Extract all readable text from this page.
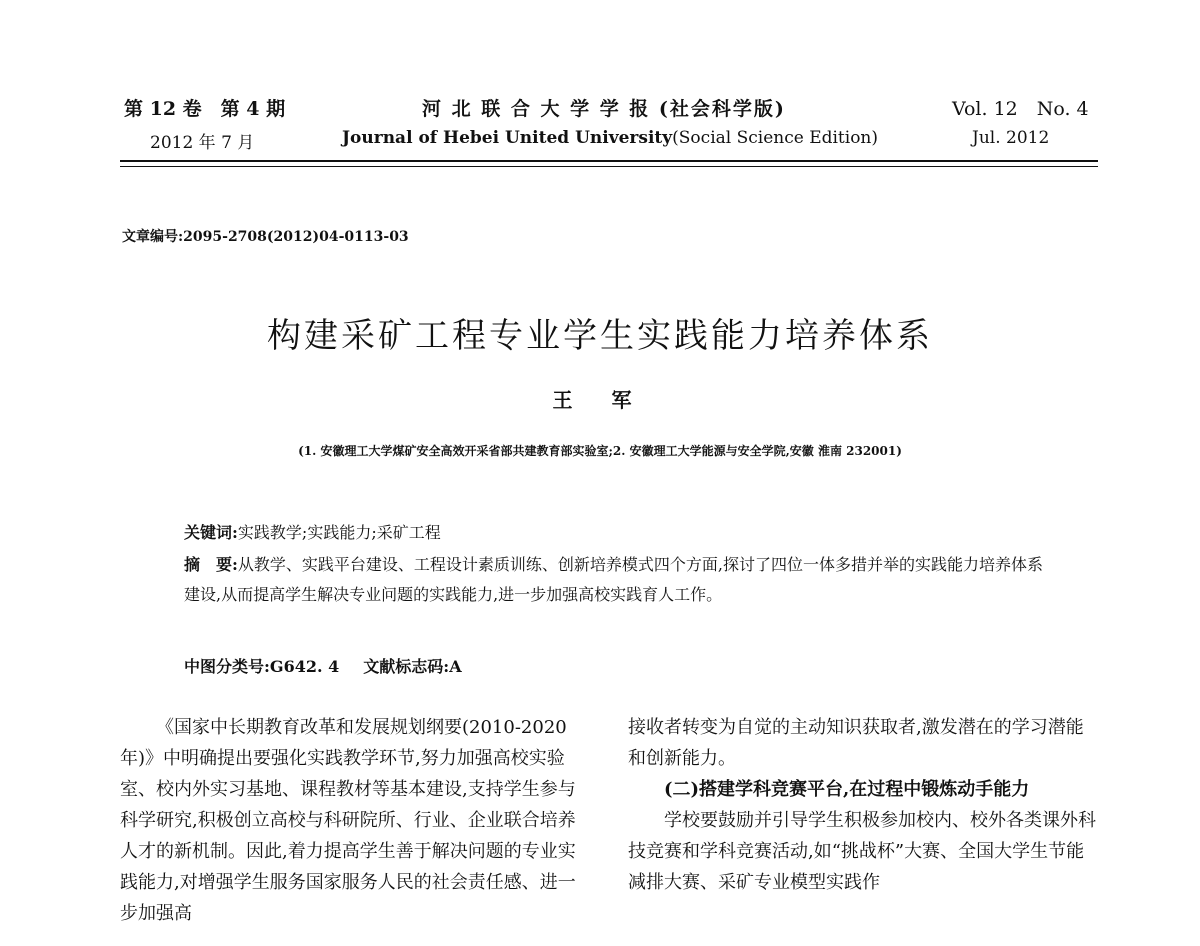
第 12 卷　第 4 期
2012 年 7 月
河 北 联 合 大 学 学 报 (社会科学版)
Journal of Hebei United University(Social Science Edition)
Vol. 12　No. 4
Jul. 2012
文章编号:2095-2708(2012)04-0113-03
构建采矿工程专业学生实践能力培养体系
王 军
(1. 安徽理工大学煤矿安全高效开采省部共建教育部实验室;2. 安徽理工大学能源与安全学院,安徽 淮南 232001)
关键词:实践教学;实践能力;采矿工程
摘　要:从教学、实践平台建设、工程设计素质训练、创新培养模式四个方面,探讨了四位一体多措并举的实践能力培养体系建设,从而提高学生解决专业问题的实践能力,进一步加强高校实践育人工作。
中图分类号:G642. 4 文献标志码:A

《国家中长期教育改革和发展规划纲要(2010-2020 年)》中明确提出要强化实践教学环节,努力加强高校实验室、校内外实习基地、课程教材等基本建设,支持学生参与科学研究,积极创立高校与科研院所、行业、企业联合培养人才的新机制。因此,着力提高学生善于解决问题的专业实践能力,对增强学生服务国家服务人民的社会责任感、进一步加强高

接收者转变为自觉的主动知识获取者,激发潜在的学习潜能和创新能力。

(二)搭建学科竞赛平台,在过程中锻炼动手能力

学校要鼓励并引导学生积极参加校内、校外各类课外科技竞赛和学科竞赛活动,如“挑战杯”大赛、全国大学生节能减排大赛、采矿专业模型实践作
